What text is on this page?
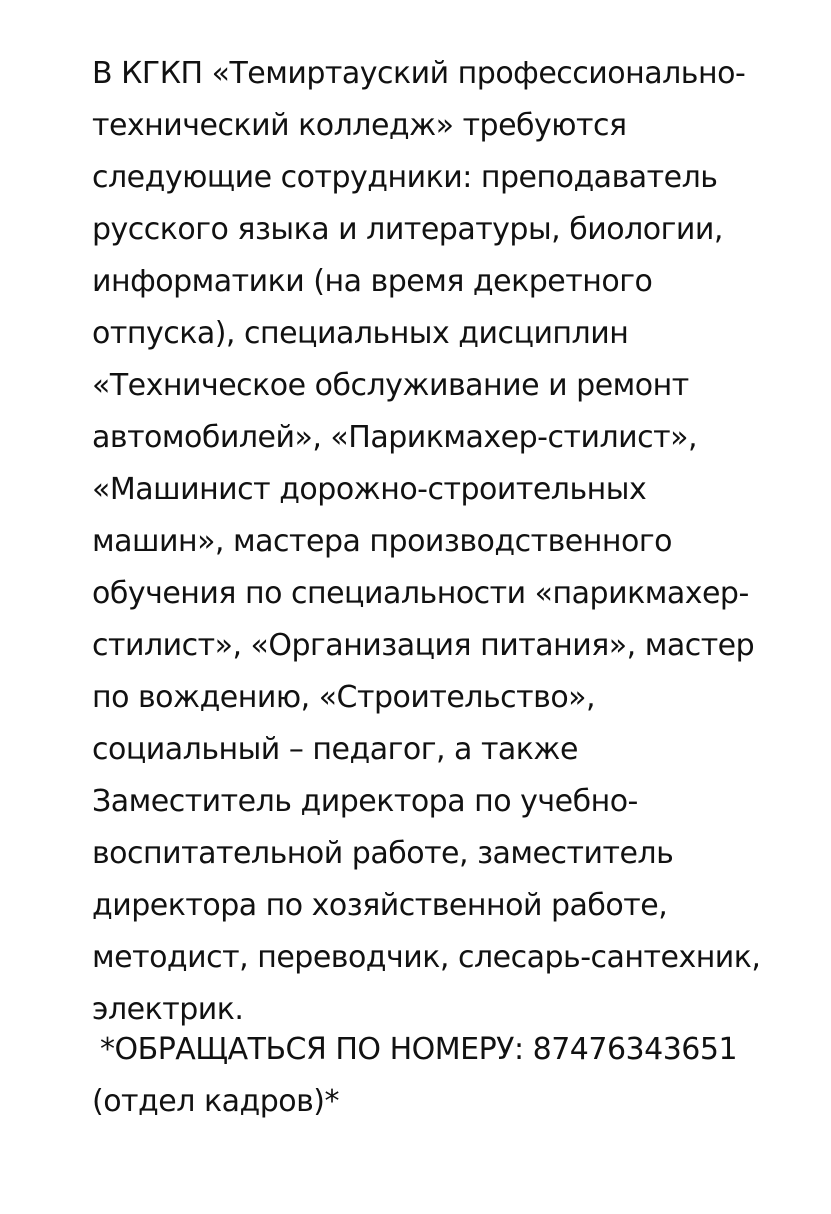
В КГКП «Темиртауский профессионально-
технический колледж» требуются
следующие сотрудники: преподаватель
русского языка и литературы, биологии,
информатики (на время декретного
отпуска), специальных дисциплин
«Техническое обслуживание и ремонт
автомобилей», «Парикмахер-стилист»,
«Машинист дорожно-строительных
машин», мастера производственного
обучения по специальности «парикмахер-
стилист», «Организация питания», мастер
по вождению, «Строительство»,
социальный – педагог, а также
Заместитель директора по учебно-
воспитательной работе, заместитель
директора по хозяйственной работе,
методист, переводчик, слесарь-сантехник,
электрик.
*ОБРАЩАТЬСЯ ПО НОМЕРУ: 87476343651
(отдел кадров)*
